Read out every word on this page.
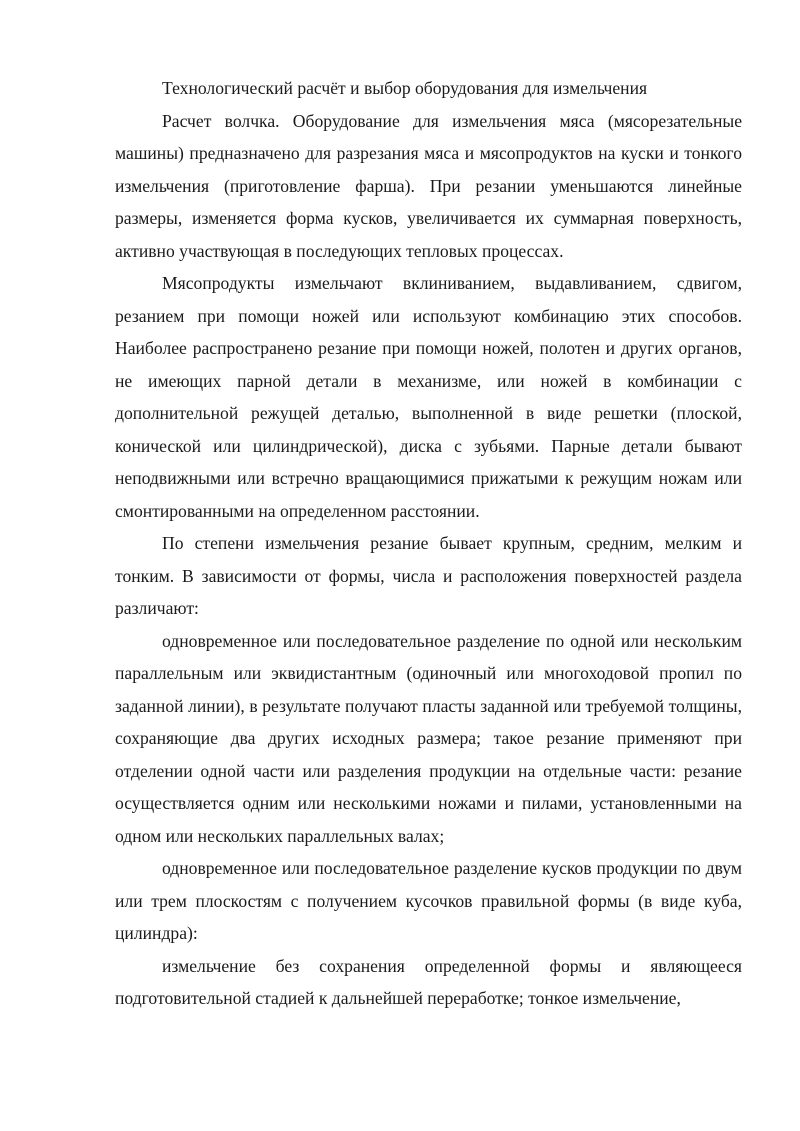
Технологический расчёт и выбор оборудования для измельчения

Расчет волчка. Оборудование для измельчения мяса (мясорезательные машины) предназначено для разрезания мяса и мясопродуктов на куски и тонкого измельчения (приготовление фарша). При резании уменьшаются линейные размеры, изменяется форма кусков, увеличивается их суммарная поверхность, активно участвующая в последующих тепловых процессах.

Мясопродукты измельчают вклиниванием, выдавливанием, сдвигом, резанием при помощи ножей или используют комбинацию этих способов. Наиболее распространено резание при помощи ножей, полотен и других органов, не имеющих парной детали в механизме, или ножей в комбинации с дополнительной режущей деталью, выполненной в виде решетки (плоской, конической или цилиндрической), диска с зубьями. Парные детали бывают неподвижными или встречно вращающимися прижатыми к режущим ножам или смонтированными на определенном расстоянии.

По степени измельчения резание бывает крупным, средним, мелким и тонким. В зависимости от формы, числа и расположения поверхностей раздела различают:

одновременное или последовательное разделение по одной или нескольким параллельным или эквидистантным (одиночный или многоходовой пропил по заданной линии), в результате получают пласты заданной или требуемой толщины, сохраняющие два других исходных размера; такое резание применяют при отделении одной части или разделения продукции на отдельные части: резание осуществляется одним или несколькими ножами и пилами, установленными на одном или нескольких параллельных валах;

одновременное или последовательное разделение кусков продукции по двум или трем плоскостям с получением кусочков правильной формы (в виде куба, цилиндра):

измельчение без сохранения определенной формы и являющееся подготовительной стадией к дальнейшей переработке; тонкое измельчение,
